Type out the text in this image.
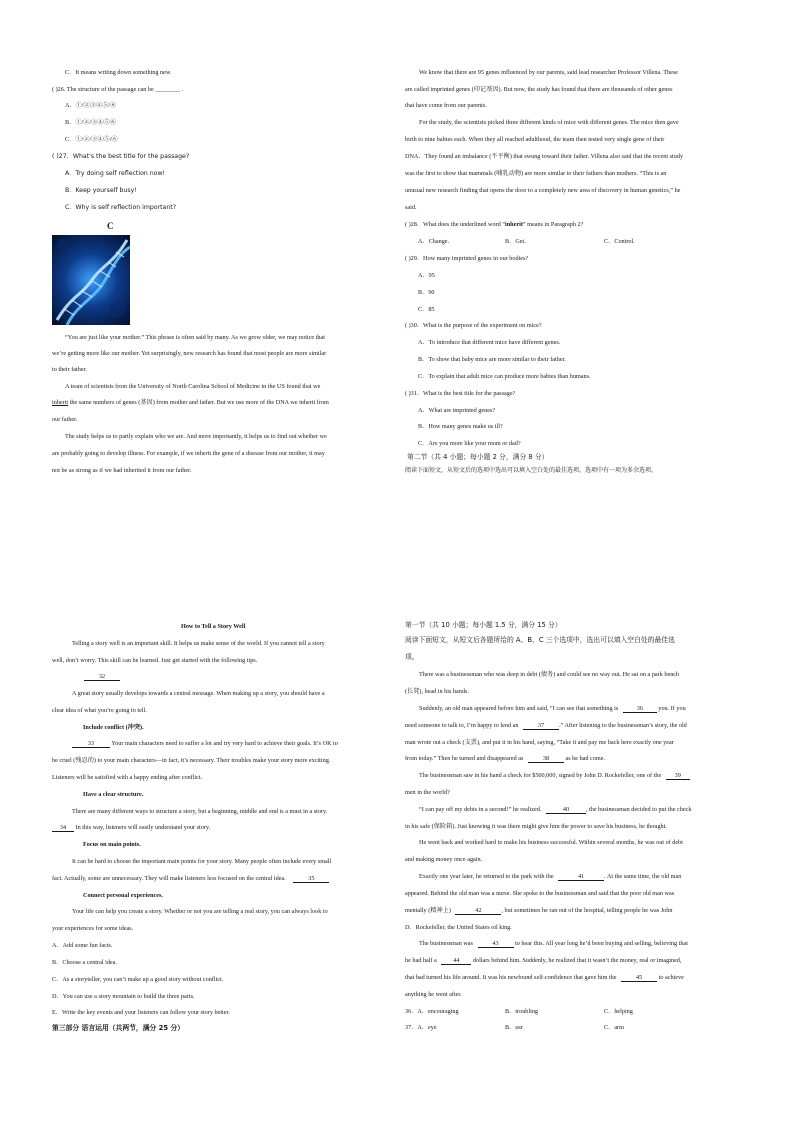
C．It means writing down something new.
( )26. The structure of the passage can be ________ .
A．①/②③④⑤/⑥
B．①/②/③④⑤⑥
C．①/②/③④⑤/⑥
( )27．What's the best title for the passage?
A．Try doing self reflection now!
B．Keep yourself busy!
C．Why is self reflection important?
C
“You are just like your mother.” This phrase is often said by many. As we grow older, we may notice that
we’re getting more like our mother. Yet surprisingly, new research has found that most people are more similar
to their father.
A team of scientists from the University of North Carolina School of Medicine in the US found that we
inherit the same numbers of genes (基因) from mother and father. But we use more of the DNA we inherit from
our father.
The study helps us to partly explain who we are. And more importantly, it helps us to find out whether we
are probably going to develop illness. For example, if we inherit the gene of a disease from our mother, it may
not be as strong as if we had inherited it from our father.
We know that there are 95 genes influenced by our parents, said lead researcher Professor Villena. These
are called imprinted genes (印记基因). But now, the study has found that there are thousands of other genes
that have come from our parents.
For the study, the scientists picked three different kinds of mice with different genes. The mice then gave
birth to nine babies each. When they all reached adulthood, the team then tested very single gene of their
DNA．They found an imbalance (不平衡) that swung toward their father. Villena also said that the recent study
was the first to show that mammals (哺乳动物) are more similar to their fathers than mothers. “This is an
unusual new research finding that opens the door to a completely new area of discovery in human genetics,” he
said.
( )28．What does the underlined word “inherit” means in Paragraph 2?
A．Change.	B．Get.	C．Control.
( )29．How many imprinted genes in our bodies?
A．95
B．90
C．85
( )30．What is the purpose of the experiment on mice?
A．To introduce that different mice have different genes.
B．To show that baby mice are more similar to their father.
C．To explain that adult mice can produce more babies than humans.
( )31．What is the best title for the passage?
A．What are imprinted genes?
B．How many genes make us ill?
C．Are you more like your mom or dad?
第二节（共 4 小题；每小题 2 分，满分 8 分）
阅读下面短文，从短文后的选项中选出可以填入空白处的最佳选项。选项中有一项为多余选项。
How to Tell a Story Well
Telling a story well is an important skill. It helps us make sense of the world. If you cannot tell a story
well, don’t worry. This skill can be learned. Just get started with the following tips.
32
A great story usually develops towards a central message. When making up a story, you should have a
clear idea of what you’re going to tell.
Include conflict (冲突).
33	Your main characters need to suffer a lot and try very hard to achieve their goals. It’s OK to
be cruel (残忍的) to your main characters—in fact, it’s necessary. Their troubles make your story more exciting.
Listeners will be satisfied with a happy ending after conflict.
Have a clear structure.
There are many different ways to structure a story, but a beginning, middle and end is a must in a story.
34 In this way, listeners will easily understand your story.
Focus on main points.
It can be hard to choose the important main points for your story. Many people often include every small
fact. Actually, some are unnecessary. They will make listeners less focused on the central idea.	35
Connect personal experiences.
Your life can help you create a story. Whether or not you are telling a real story, you can always look to
your experiences for some ideas.
A．Add some fun facts.
B．Choose a central idea.
C．As a storyteller, you can’t make up a good story without conflict.
D．You can use a story mountain to build the three parts.
E．Write the key events and your listeners can follow your story better.
第三部分 语言运用（共两节，满分 25 分）
第一节（共 10 小题；每小题 1.5 分，满分 15 分）
阅读下面短文，从短文后各题所给的 A、B、C 三个选项中，选出可以填入空白处的最佳选
项。
There was a businessman who was deep in debt (债务) and could see no way out. He sat on a park bench
(长凳), head in his hands.
Suddenly, an old man appeared before him and said, “I can see that something is	36 you. If you
need someone to talk to, I’m happy to lend an	37 .” After listening to the businessman’s story, the old
man wrote out a check (支票), and put it in his hand, saying, “Take it and pay me back here exactly one year
from today.” Then he turned and disappeared as	38 as he had come.
The businessman saw in his hand a check for $500,000, signed by John D. Rockefeller, one of the 39
men in the world?
“I can pay off my debts in a second!” he realized.	40	, the businessman decided to put the check
in his safe (保险箱). Just knowing it was there might give him the power to save his business, he thought.
He went back and worked hard to make his business successful. Within several months, he was out of debt
and making money once again.
Exactly one year later, he returned to the park with the	41	. At the same time, the old man
appeared. Behind the old man was a nurse. She spoke to the businessman and said that the poor old man was
mentally (精神上)	42	, but sometimes he ran out of the hospital, telling people he was John
D．Rockefeller, the United States oil king.
The businessman was	43 to hear this. All year long he’d been buying and selling, believing that
he had half a	44 dollars behind him. Suddenly, he realized that it wasn’t the money, real or imagined,
that had turned his life around. It was his newfound self-confidence that gave him the	45 to achieve
anything he went after.
36．A．encouraging	B．troubling	C．helping
37．A．eye	B．ear	C．arm
